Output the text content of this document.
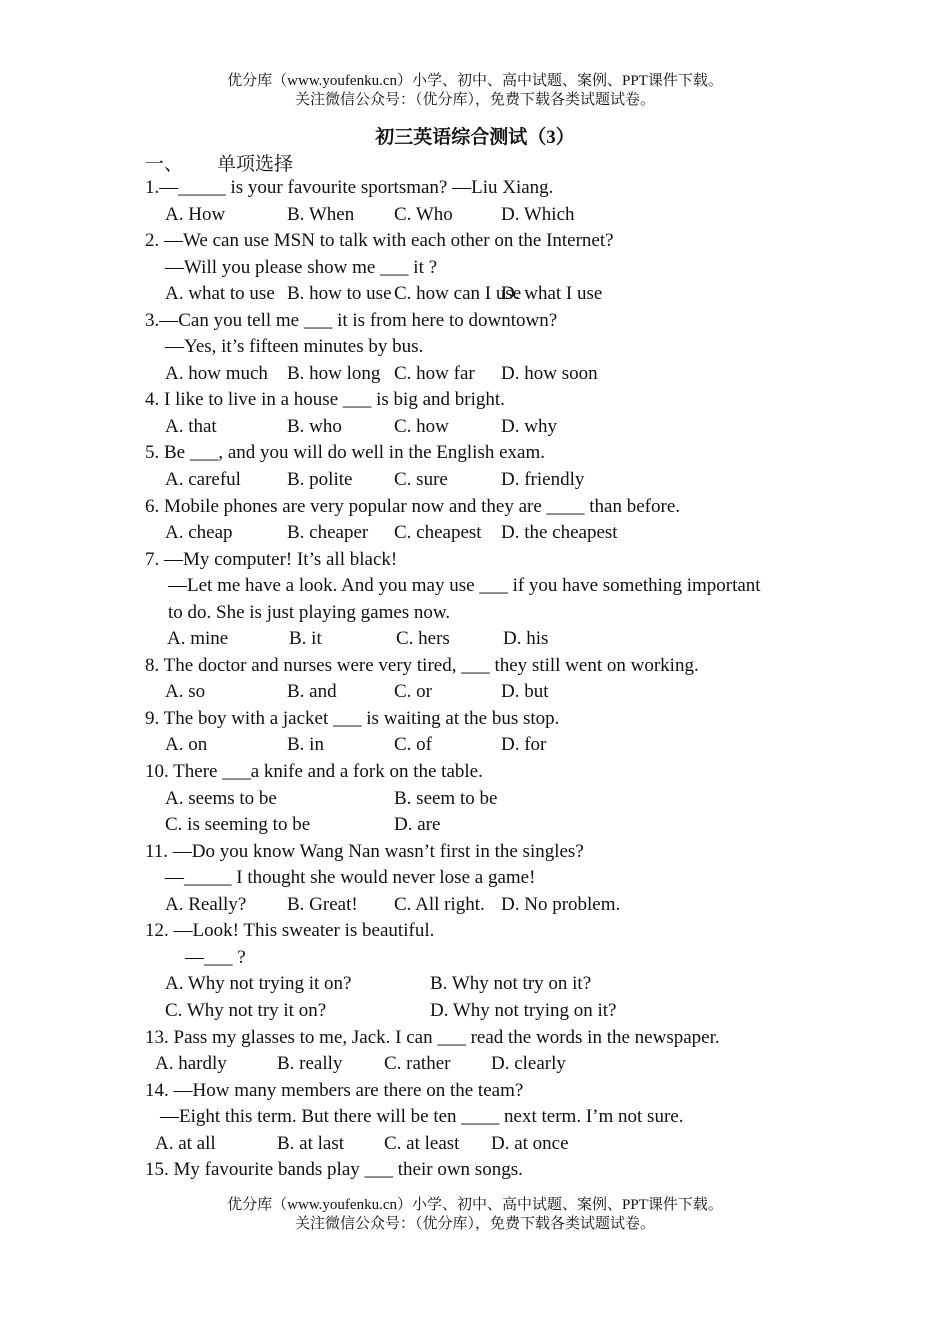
优分库（www.youfenku.cn）小学、初中、高中试题、案例、PPT课件下载。
关注微信公众号：（优分库），免费下载各类试题试卷。
初三英语综合测试（3）
一、 单项选择
1.—_____ is your favourite sportsman? —Liu Xiang.
A. How	B. When C. Who	D. Which
2. —We can use MSN to talk with each other on the Internet?
—Will you please show me ___ it ?
A. what to use B. how to use C. how can I use
D. what I use
3.—Can you tell me ___ it is from here to downtown?
—Yes, it’s fifteen minutes by bus.
A. how much B. how long C. how far D. how soon
4. I like to live in a house ___ is big and bright.
A. that	B. who	C. how	D. why
5. Be ___, and you will do well in the English exam.
A. careful B. polite C. sure	D. friendly
6. Mobile phones are very popular now and they are ____ than before.
A. cheap	B. cheaper C. cheapest D. the cheapest
7. —My computer! It’s all black!
—Let me have a look. And you may use ___ if you have something important
to do. She is just playing games now.
A. mine	B. it	C. hers	D. his
8. The doctor and nurses were very tired, ___ they still went on working.
A. so	B. and	C. or	D. but
9. The boy with a jacket ___ is waiting at the bus stop.
A. on	B. in	C. of	D. for
10. There ___a knife and a fork on the table.
A. seems to be	B. seem to be
C. is seeming to be	D. are
11. —Do you know Wang Nan wasn’t first in the singles?
—_____ I thought she would never lose a game!
A. Really? B. Great! C. All right. D. No problem.
12. —Look! This sweater is beautiful.
—___ ?
A. Why not trying it on?	B. Why not try on it?
C. Why not try it on?	D. Why not trying on it?
13. Pass my glasses to me, Jack. I can ___ read the words in the newspaper.
A. hardly	B. really C. rather D. clearly
14. —How many members are there on the team?
—Eight this term. But there will be ten ____ next term. I’m not sure.
A. at all	B. at last C. at least D. at once
15. My favourite bands play ___ their own songs.
优分库（www.youfenku.cn）小学、初中、高中试题、案例、PPT课件下载。
关注微信公众号：（优分库），免费下载各类试题试卷。
